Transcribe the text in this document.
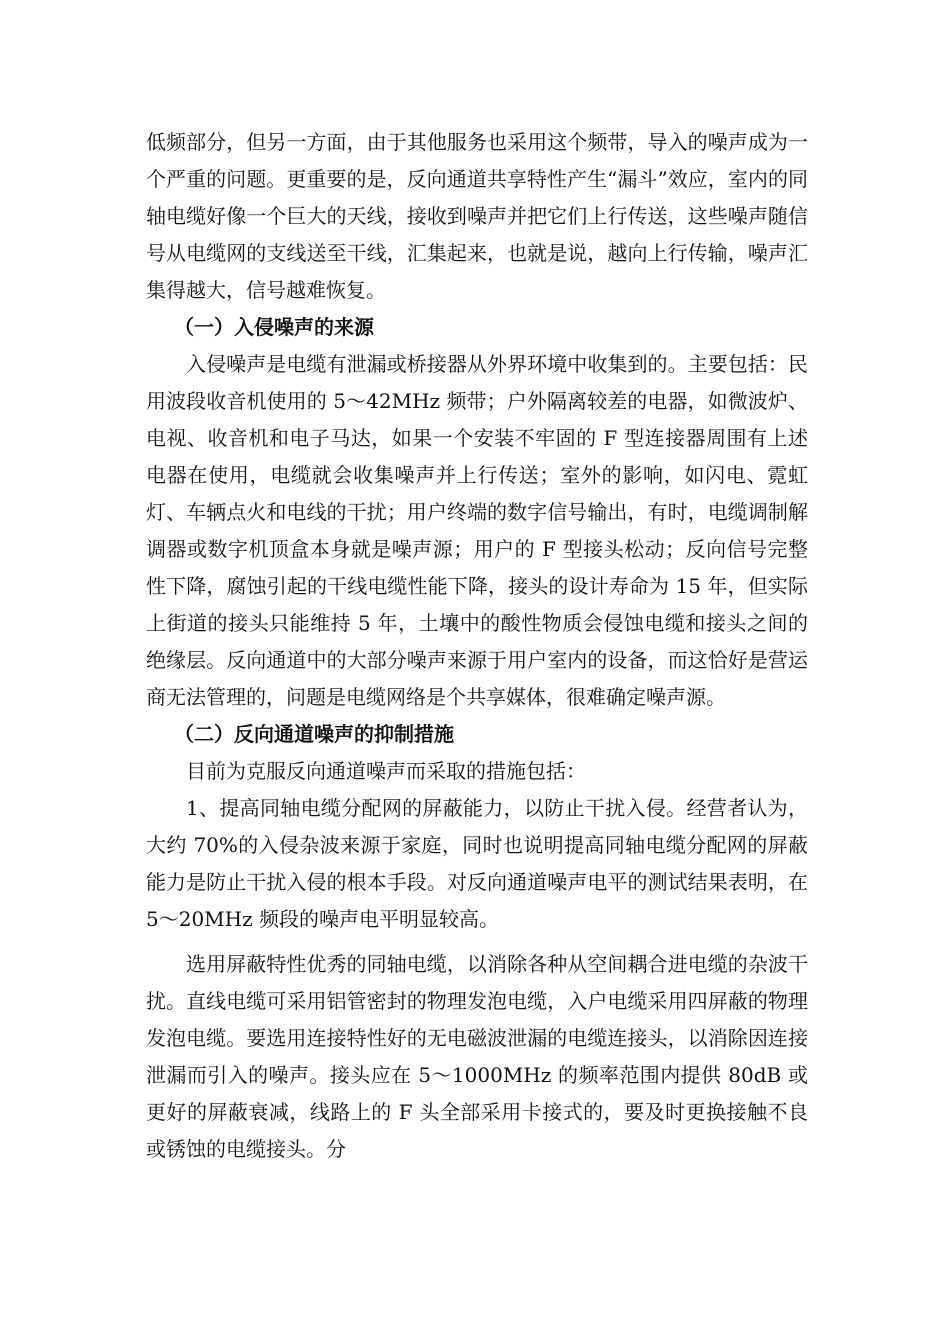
低频部分，但另一方面，由于其他服务也采用这个频带，导入的噪声成为一个严重的问题。更重要的是，反向通道共享特性产生“漏斗”效应，室内的同轴电缆好像一个巨大的天线，接收到噪声并把它们上行传送，这些噪声随信号从电缆网的支线送至干线，汇集起来，也就是说，越向上行传输，噪声汇集得越大，信号越难恢复。

（一）入侵噪声的来源

入侵噪声是电缆有泄漏或桥接器从外界环境中收集到的。主要包括：民用波段收音机使用的 5～42MHz 频带；户外隔离较差的电器，如微波炉、电视、收音机和电子马达，如果一个安装不牢固的 F 型连接器周围有上述电器在使用，电缆就会收集噪声并上行传送；室外的影响，如闪电、霓虹灯、车辆点火和电线的干扰；用户终端的数字信号输出，有时，电缆调制解调器或数字机顶盒本身就是噪声源；用户的 F 型接头松动；反向信号完整性下降，腐蚀引起的干线电缆性能下降，接头的设计寿命为 15 年，但实际上街道的接头只能维持 5 年，土壤中的酸性物质会侵蚀电缆和接头之间的绝缘层。反向通道中的大部分噪声来源于用户室内的设备，而这恰好是营运商无法管理的，问题是电缆网络是个共享媒体，很难确定噪声源。

（二）反向通道噪声的抑制措施

目前为克服反向通道噪声而采取的措施包括：

1、提高同轴电缆分配网的屏蔽能力，以防止干扰入侵。经营者认为，大约 70%的入侵杂波来源于家庭，同时也说明提高同轴电缆分配网的屏蔽能力是防止干扰入侵的根本手段。对反向通道噪声电平的测试结果表明，在 5～20MHz 频段的噪声电平明显较高。

选用屏蔽特性优秀的同轴电缆，以消除各种从空间耦合进电缆的杂波干扰。直线电缆可采用铝管密封的物理发泡电缆，入户电缆采用四屏蔽的物理发泡电缆。要选用连接特性好的无电磁波泄漏的电缆连接头，以消除因连接泄漏而引入的噪声。接头应在 5～1000MHz 的频率范围内提供 80dB 或更好的屏蔽衰减，线路上的 F 头全部采用卡接式的，要及时更换接触不良或锈蚀的电缆接头。分
